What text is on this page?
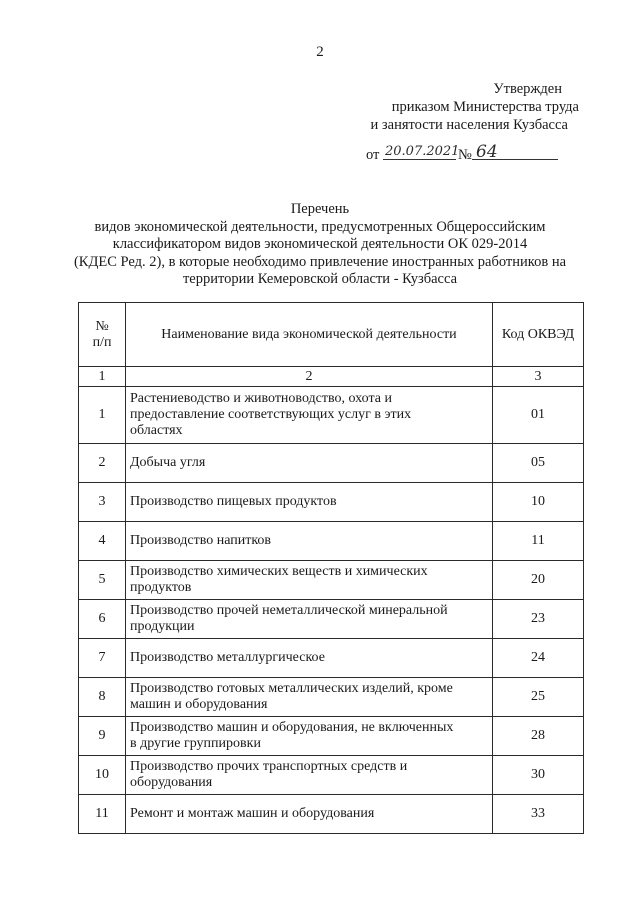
2
Утвержден
приказом Министерства труда
и занятости населения Кузбасса
от 20.07.2021
№ 64
Перечень
видов экономической деятельности, предусмотренных Общероссийским
классификатором видов экономической деятельности ОК 029-2014
(КДЕС Ред. 2), в которые необходимо привлечение иностранных работников на
территории Кемеровской области - Кузбасса
№
п/п	Наименование вида экономической деятельности	Код ОКВЭД
1	2	3
1	Растениеводство и животноводство, охота и
предоставление соответствующих услуг в этих
областях	01
2	Добыча угля	05
3	Производство пищевых продуктов	10
4	Производство напитков	11
5	Производство химических веществ и химических
продуктов	20
6	Производство прочей неметаллической минеральной
продукции	23
7	Производство металлургическое	24
8	Производство готовых металлических изделий, кроме
машин и оборудования	25
9	Производство машин и оборудования, не включенных
в другие группировки	28
10	Производство прочих транспортных средств и
оборудования	30
11	Ремонт и монтаж машин и оборудования	33
